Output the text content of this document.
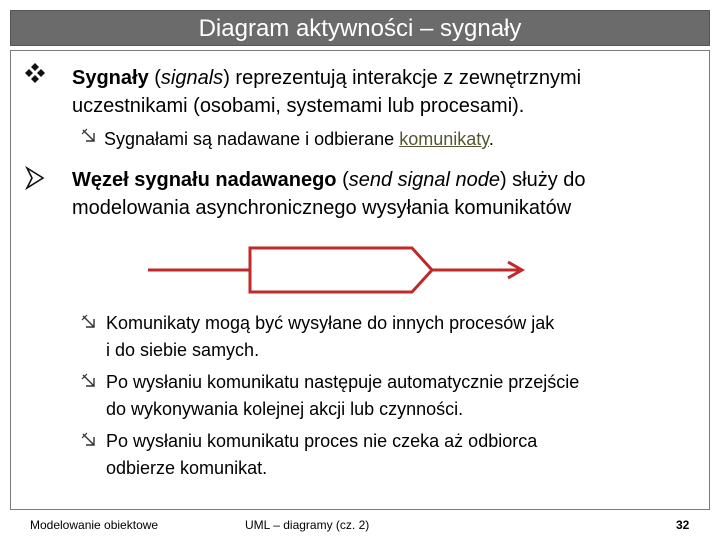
Diagram aktywności – sygnały
Sygnały (signals) reprezentują interakcje z zewnętrznymi
uczestnikami (osobami, systemami lub procesami).
Sygnałami są nadawane i odbierane komunikaty.
Węzeł sygnału nadawanego (send signal node) służy do
modelowania asynchronicznego wysyłania komunikatów
Komunikaty mogą być wysyłane do innych procesów jak
i do siebie samych.
Po wysłaniu komunikatu następuje automatycznie przejście
do wykonywania kolejnej akcji lub czynności.
Po wysłaniu komunikatu proces nie czeka aż odbiorca
odbierze komunikat.
Modelowanie obiektowe	UML – diagramy (cz. 2)	32
